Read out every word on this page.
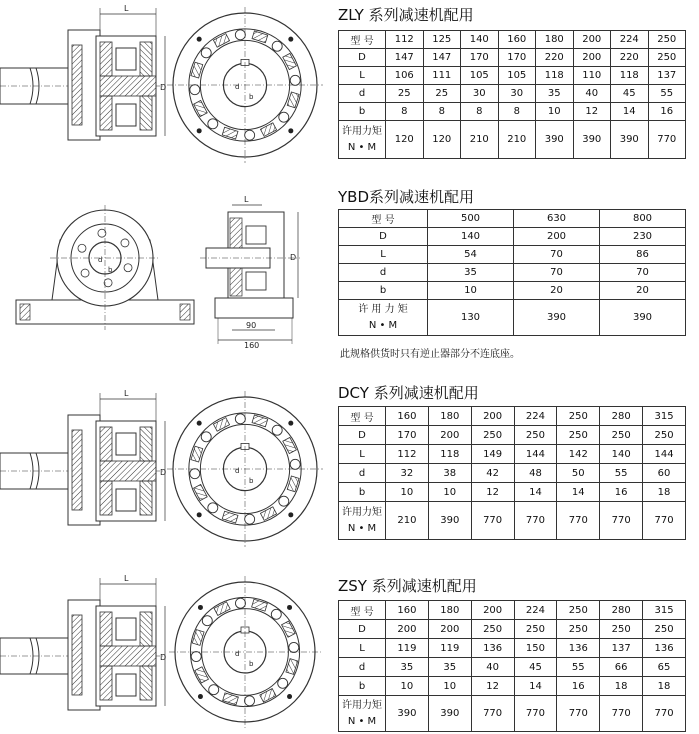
L
D
b
d
d
b
D
L
90
160
L
D
b
d
L
D
b
d
ZLY 系列减速机配用
型 号	112	125	140	160	180	200	224	250
D	147	147	170	170	220	200	220	250
L	106	111	105	105	118	110	118	137
d	25	25	30	30	35	40	45	55
b	8	8	8	8	10	12	14	16
许用力矩
N • M	120	120	210	210	390	390	390	770
YBD系列减速机配用
型 号	500	630	800
D	140	200	230
L	54	70	86
d	35	70	70
b	10	20	20
许 用 力 矩
N • M	130	390	390
此规格供货时只有逆止器部分不连底座。
DCY 系列减速机配用
型 号	160	180	200	224	250	280	315
D	170	200	250	250	250	250	250
L	112	118	149	144	142	140	144
d	32	38	42	48	50	55	60
b	10	10	12	14	14	16	18
许用力矩
N • M	210	390	770	770	770	770	770
ZSY 系列减速机配用
型 号	160	180	200	224	250	280	315
D	200	200	250	250	250	250	250
L	119	119	136	150	136	137	136
d	35	35	40	45	55	66	65
b	10	10	12	14	16	18	18
许用力矩
N • M	390	390	770	770	770	770	770
